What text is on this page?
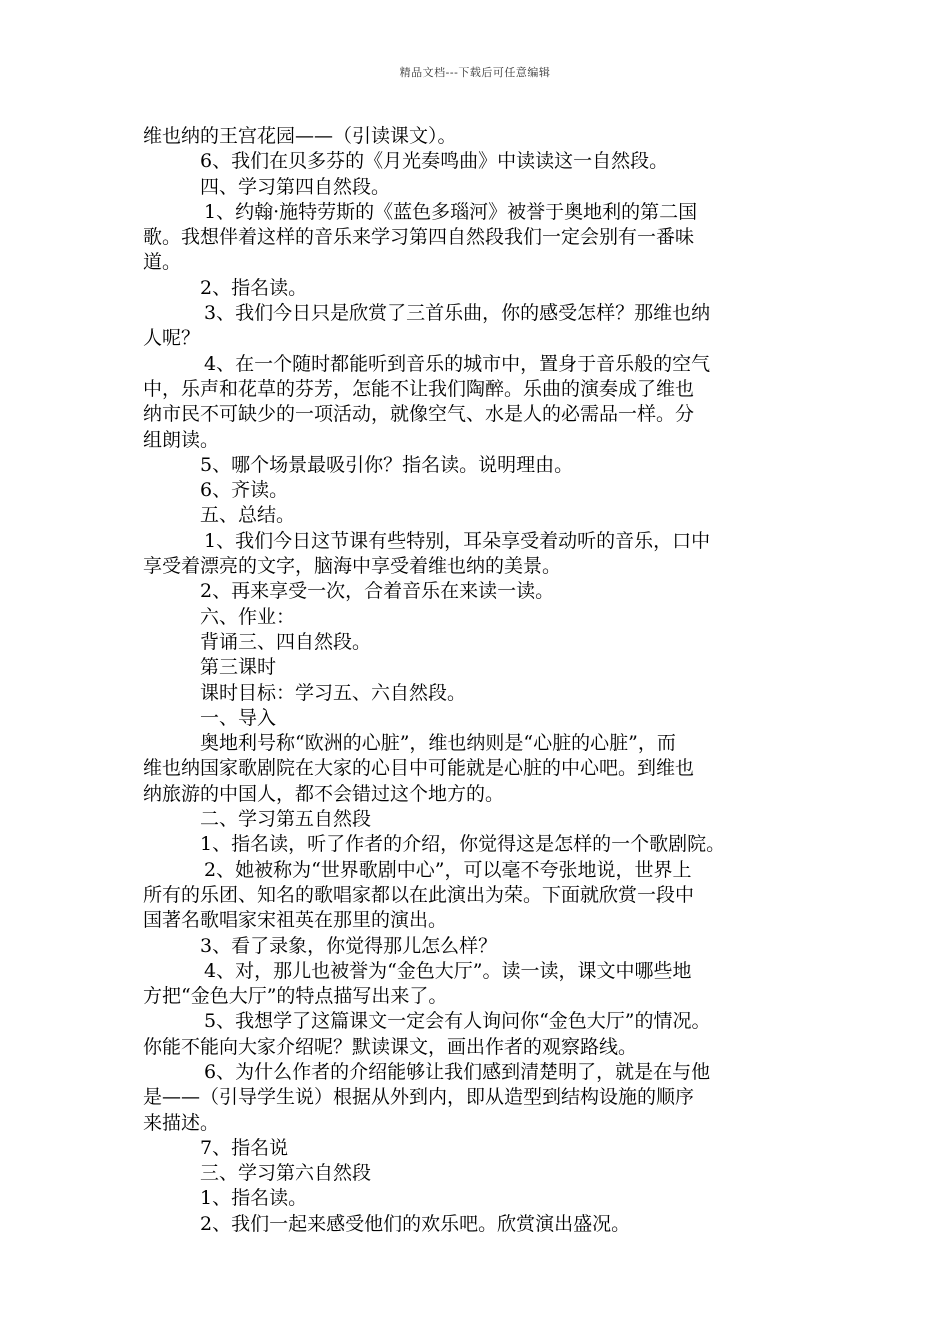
精品文档---下载后可任意编辑
维也纳的王宫花园——（引读课文）。
6、我们在贝多芬的《月光奏鸣曲》中读读这一自然段。
四、学习第四自然段。
1、约翰·施特劳斯的《蓝色多瑙河》被誉于奥地利的第二国
歌。我想伴着这样的音乐来学习第四自然段我们一定会别有一番味
道。
2、指名读。
3、我们今日只是欣赏了三首乐曲，你的感受怎样？那维也纳
人呢？
4、在一个随时都能听到音乐的城市中，置身于音乐般的空气
中，乐声和花草的芬芳，怎能不让我们陶醉。乐曲的演奏成了维也
纳市民不可缺少的一项活动，就像空气、水是人的必需品一样。分
组朗读。
5、哪个场景最吸引你？指名读。说明理由。
6、齐读。
五、总结。
1、我们今日这节课有些特别，耳朵享受着动听的音乐，口中
享受着漂亮的文字，脑海中享受着维也纳的美景。
2、再来享受一次，合着音乐在来读一读。
六、作业：
背诵三、四自然段。
第三课时
课时目标：学习五、六自然段。
一、导入
奥地利号称“欧洲的心脏”，维也纳则是“心脏的心脏”，而
维也纳国家歌剧院在大家的心目中可能就是心脏的中心吧。到维也
纳旅游的中国人，都不会错过这个地方的。
二、学习第五自然段
1、指名读，听了作者的介绍，你觉得这是怎样的一个歌剧院。
2、她被称为“世界歌剧中心”，可以毫不夸张地说，世界上
所有的乐团、知名的歌唱家都以在此演出为荣。下面就欣赏一段中
国著名歌唱家宋祖英在那里的演出。
3、看了录象，你觉得那儿怎么样？
4、对，那儿也被誉为“金色大厅”。读一读，课文中哪些地
方把“金色大厅”的特点描写出来了。
5、我想学了这篇课文一定会有人询问你“金色大厅”的情况。
你能不能向大家介绍呢？默读课文，画出作者的观察路线。
6、为什么作者的介绍能够让我们感到清楚明了，就是在与他
是——（引导学生说）根据从外到内，即从造型到结构设施的顺序
来描述。
7、指名说
三、学习第六自然段
1、指名读。
2、我们一起来感受他们的欢乐吧。欣赏演出盛况。
